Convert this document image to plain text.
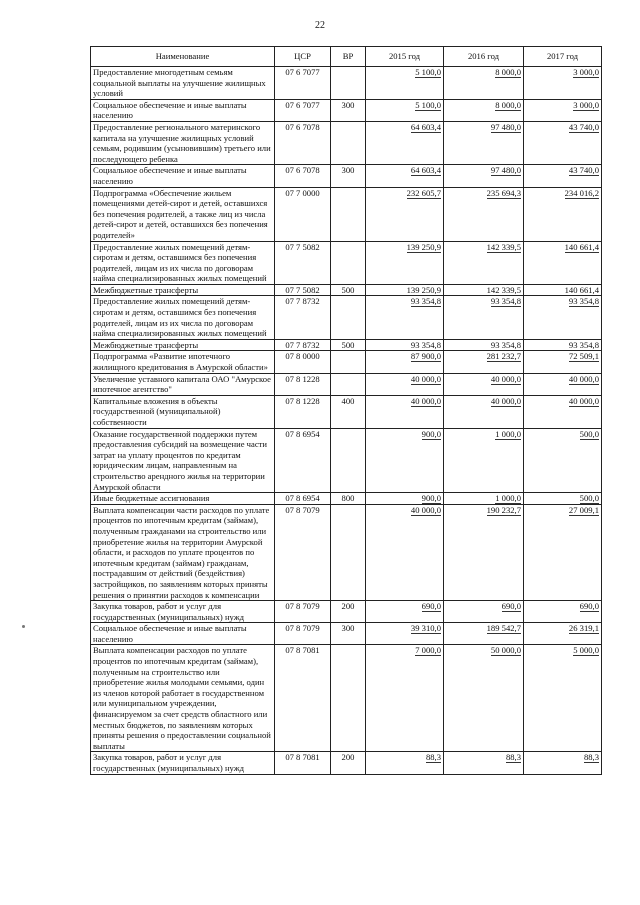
22
Наименование	ЦСР	ВР	2015 год	2016 год	2017 год
Предоставление многодетным семьям социальной выплаты на улучшение жилищных условий	07 6 7077		5 100,0	8 000,0	3 000,0
Социальное обеспечение и иные выплаты населению	07 6 7077	300	5 100,0	8 000,0	3 000,0
Предоставление регионального материнского капитала на улучшение жилищных условий семьям, родившим (усыновившим) третьего или последующего ребенка	07 6 7078		64 603,4	97 480,0	43 740,0
Социальное обеспечение и иные выплаты населению	07 6 7078	300	64 603,4	97 480,0	43 740,0
Подпрограмма «Обеспечение жильем помещениями детей-сирот и детей, оставшихся без попечения родителей, а также лиц из числа детей-сирот и детей, оставшихся без попечения родителей»	07 7 0000		232 605,7	235 694,3	234 016,2
Предоставление жилых помещений детям-сиротам и детям, оставшимся без попечения родителей, лицам из их числа по договорам найма специализированных жилых помещений	07 7 5082		139 250,9	142 339,5	140 661,4
Межбюджетные трансферты	07 7 5082	500	139 250,9	142 339,5	140 661,4
Предоставление жилых помещений детям-сиротам и детям, оставшимся без попечения родителей, лицам из их числа по договорам найма специализированных жилых помещений	07 7 8732		93 354,8	93 354,8	93 354,8
Межбюджетные трансферты	07 7 8732	500	93 354,8	93 354,8	93 354,8
Подпрограмма «Развитие ипотечного жилищного кредитования в Амурской области»	07 8 0000		87 900,0	281 232,7	72 509,1
Увеличение уставного капитала ОАО "Амурское ипотечное агентство"	07 8 1228		40 000,0	40 000,0	40 000,0
Капитальные вложения в объекты государственной (муниципальной) собственности	07 8 1228	400	40 000,0	40 000,0	40 000,0
Оказание государственной поддержки путем предоставления субсидий на возмещение части затрат на уплату процентов по кредитам юридическим лицам, направленным на строительство арендного жилья на территории Амурской области	07 8 6954		900,0	1 000,0	500,0
Иные бюджетные ассигнования	07 8 6954	800	900,0	1 000,0	500,0
Выплата компенсации части расходов по уплате процентов по ипотечным кредитам (займам), полученным гражданами на строительство или приобретение жилья на территории Амурской области, и расходов по уплате процентов по ипотечным кредитам (займам) гражданам, пострадавшим от действий (бездействия) застройщиков, по заявлениям которых приняты решения о принятии расходов к компенсации	07 8 7079		40 000,0	190 232,7	27 009,1
Закупка товаров, работ и услуг для государственных (муниципальных) нужд	07 8 7079	200	690,0	690,0	690,0
Социальное обеспечение и иные выплаты населению	07 8 7079	300	39 310,0	189 542,7	26 319,1
Выплата компенсации расходов по уплате процентов по ипотечным кредитам (займам), полученным на строительство или приобретение жилья молодыми семьями, один из членов которой работает в государственном или муниципальном учреждении, финансируемом за счет средств областного или местных бюджетов, по заявлениям которых приняты решения о предоставлении социальной выплаты	07 8 7081		7 000,0	50 000,0	5 000,0
Закупка товаров, работ и услуг для государственных (муниципальных) нужд	07 8 7081	200	88,3	88,3	88,3
